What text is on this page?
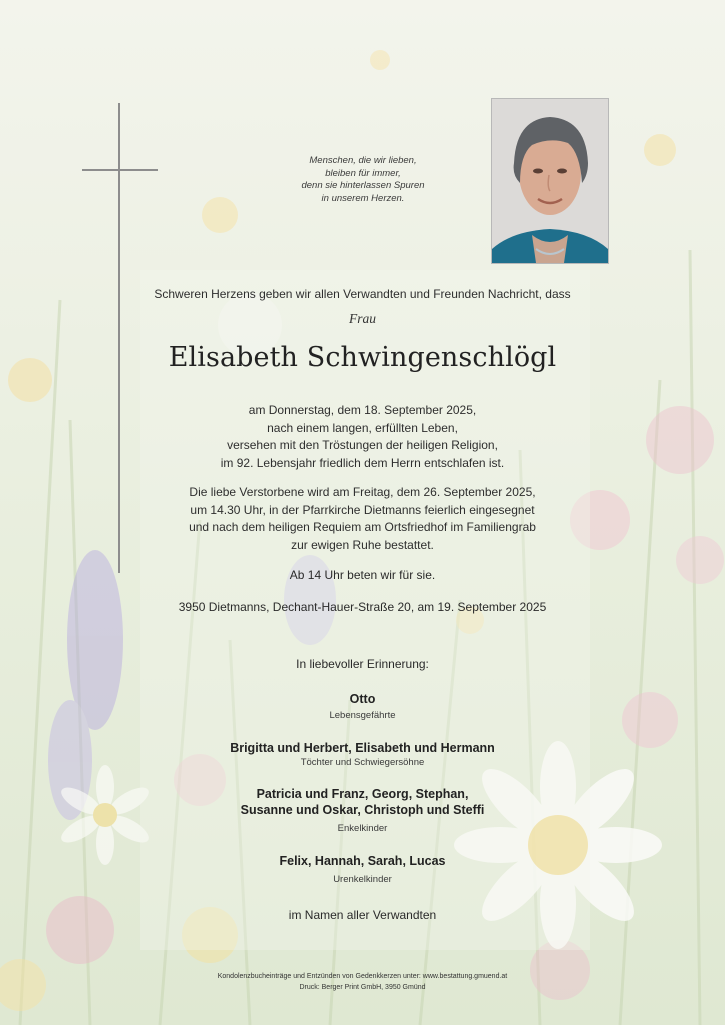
Menschen, die wir lieben,
bleiben für immer,
denn sie hinterlassen Spuren
in unserem Herzen.
Schweren Herzens geben wir allen Verwandten und Freunden Nachricht, dass
Frau
Elisabeth Schwingenschlögl
am Donnerstag, dem 18. September 2025,
nach einem langen, erfüllten Leben,
versehen mit den Tröstungen der heiligen Religion,
im 92. Lebensjahr friedlich dem Herrn entschlafen ist.
Die liebe Verstorbene wird am Freitag, dem 26. September 2025,
um 14.30 Uhr, in der Pfarrkirche Dietmanns feierlich eingesegnet
und nach dem heiligen Requiem am Ortsfriedhof im Familiengrab
zur ewigen Ruhe bestattet.
Ab 14 Uhr beten wir für sie.
3950 Dietmanns, Dechant-Hauer-Straße 20, am 19. September 2025
In liebevoller Erinnerung:
Otto
Lebensgefährte
Brigitta und Herbert, Elisabeth und Hermann
Töchter und Schwiegersöhne
Patricia und Franz, Georg, Stephan,
Susanne und Oskar, Christoph und Steffi
Enkelkinder
Felix, Hannah, Sarah, Lucas
Urenkelkinder
im Namen aller Verwandten
Kondolenzbucheinträge und Entzünden von Gedenkkerzen unter: www.bestattung.gmuend.at
Druck: Berger Print GmbH, 3950 Gmünd
